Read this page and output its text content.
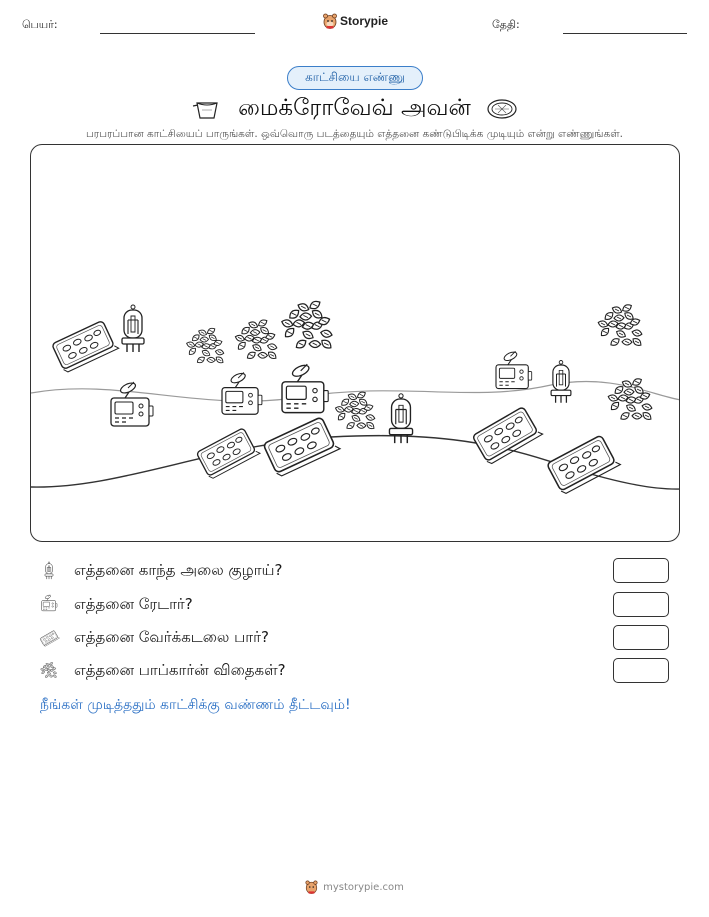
பெயர்:	Storypie	தேதி:
காட்சியை எண்ணு
மைக்ரோவேவ் அவன்
பரபரப்பான காட்சியைப் பாருங்கள். ஒவ்வொரு படத்தையும் எத்தனை கண்டுபிடிக்க முடியும் என்று எண்ணுங்கள்.
எத்தனை காந்த அலை குழாய்?
எத்தனை ரேடார்?
எத்தனை வேர்க்கடலை பார்?
எத்தனை பாப்கார்ன் விதைகள்?
நீங்கள் முடித்ததும் காட்சிக்கு வண்ணம் தீட்டவும்!
mystorypie.com
